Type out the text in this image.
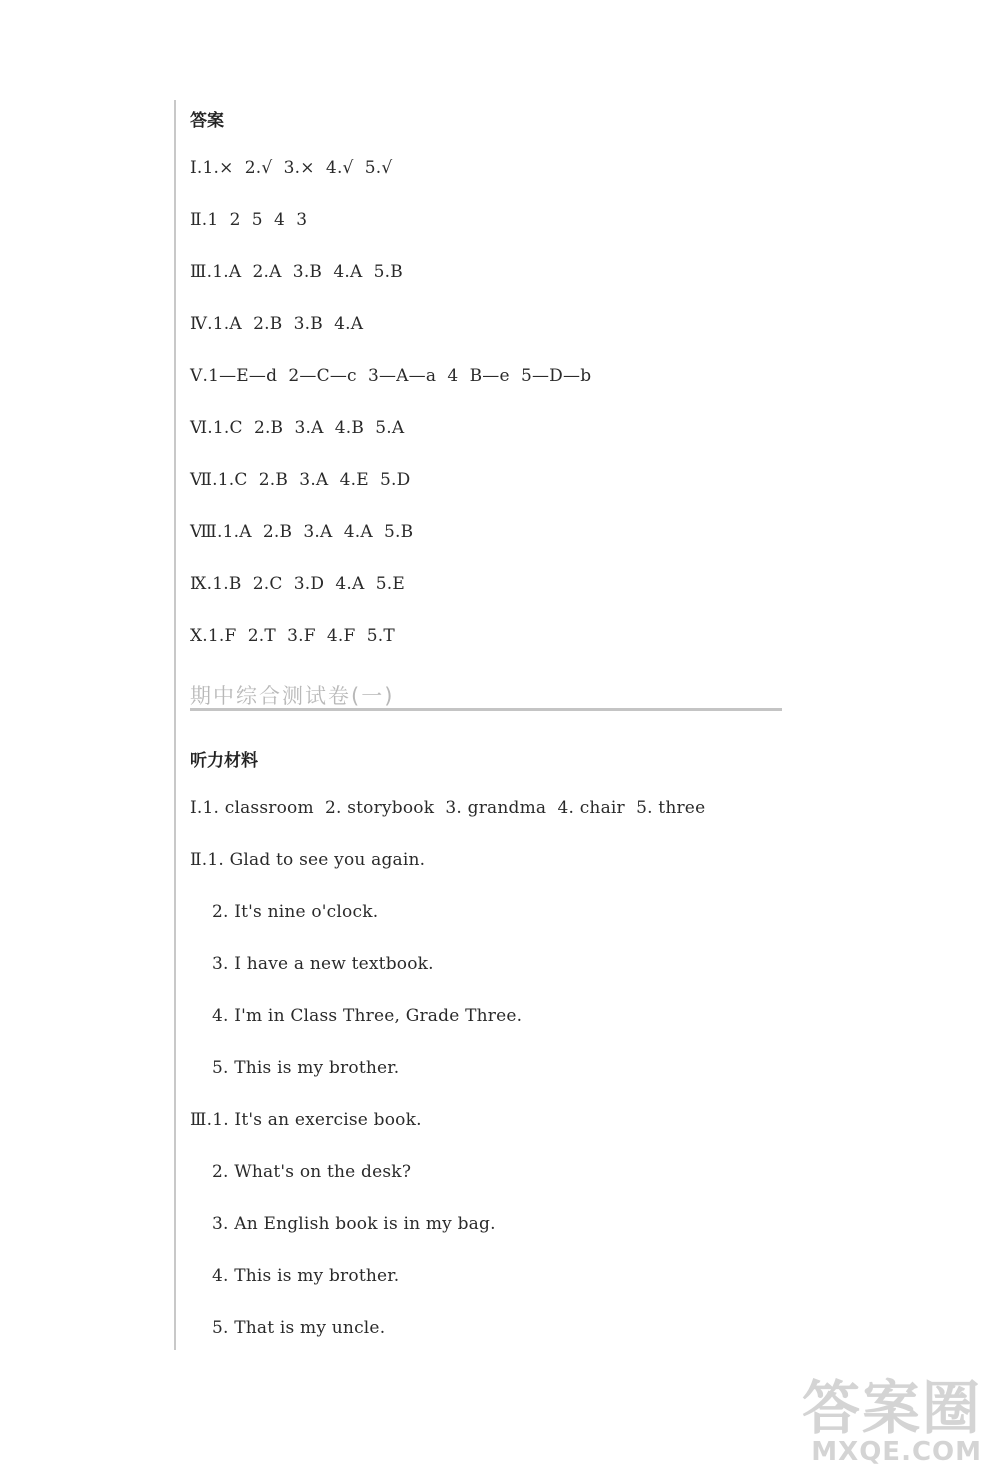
答案
Ⅰ.1.×  2.√  3.×  4.√  5.√
Ⅱ.1  2  5  4  3
Ⅲ.1.A  2.A  3.B  4.A  5.B
Ⅳ.1.A  2.B  3.B  4.A
Ⅴ.1—E—d  2—C—c  3—A—a  4  B—e  5—D—b
Ⅵ.1.C  2.B  3.A  4.B  5.A
Ⅶ.1.C  2.B  3.A  4.E  5.D
Ⅷ.1.A  2.B  3.A  4.A  5.B
Ⅸ.1.B  2.C  3.D  4.A  5.E
Ⅹ.1.F  2.T  3.F  4.F  5.T
期中综合测试卷(一)
听力材料
Ⅰ.1. classroom  2. storybook  3. grandma  4. chair  5. three
Ⅱ.1. Glad to see you again.
2. It's nine o'clock.
3. I have a new textbook.
4. I'm in Class Three, Grade Three.
5. This is my brother.
Ⅲ.1. It's an exercise book.
2. What's on the desk?
3. An English book is in my bag.
4. This is my brother.
5. That is my uncle.
答案圈
MXQE.COM
